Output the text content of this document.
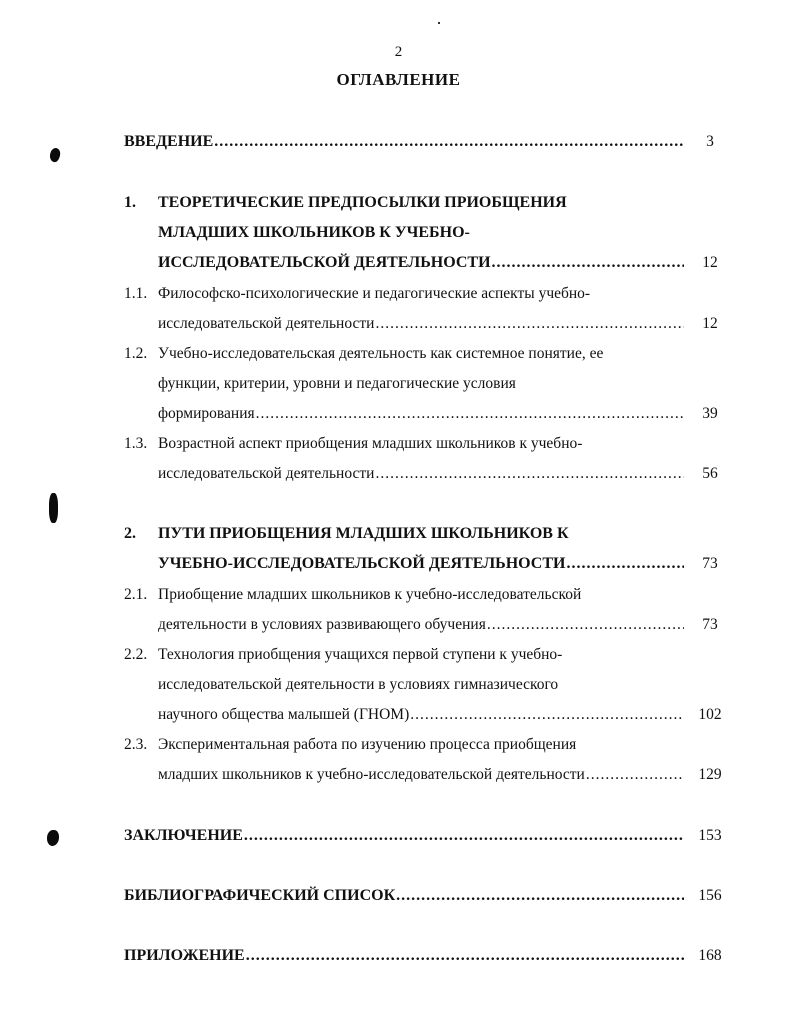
2
ОГЛАВЛЕНИЕ
ВВЕДЕНИЕ .....	3
1.	ТЕОРЕТИЧЕСКИЕ ПРЕДПОСЫЛКИ ПРИОБЩЕНИЯ
МЛАДШИХ ШКОЛЬНИКОВ К УЧЕБНО-
ИССЛЕДОВАТЕЛЬСКОЙ ДЕЯТЕЛЬНОСТИ .....	12
1.1. Философско-психологические и педагогические аспекты учебно-
исследовательской деятельности .....	12
1.2. Учебно-исследовательская деятельность как системное понятие, ее
функции, критерии, уровни и педагогические условия
формирования .....	39
1.3. Возрастной аспект приобщения младших школьников к учебно-
исследовательской деятельности .....	56
2.	ПУТИ ПРИОБЩЕНИЯ МЛАДШИХ ШКОЛЬНИКОВ К
УЧЕБНО-ИССЛЕДОВАТЕЛЬСКОЙ ДЕЯТЕЛЬНОСТИ .....	73
2.1. Приобщение младших школьников к учебно-исследовательской
деятельности в условиях развивающего обучения .....	73
2.2. Технология приобщения учащихся первой ступени к учебно-
исследовательской деятельности в условиях гимназического
научного общества малышей (ГНОМ) .....	102
2.3. Экспериментальная работа по изучению процесса приобщения
младших школьников к учебно-исследовательской деятельности .....	129
ЗАКЛЮЧЕНИЕ .....	153
БИБЛИОГРАФИЧЕСКИЙ СПИСОК .....	156
ПРИЛОЖЕНИЕ .....	168
